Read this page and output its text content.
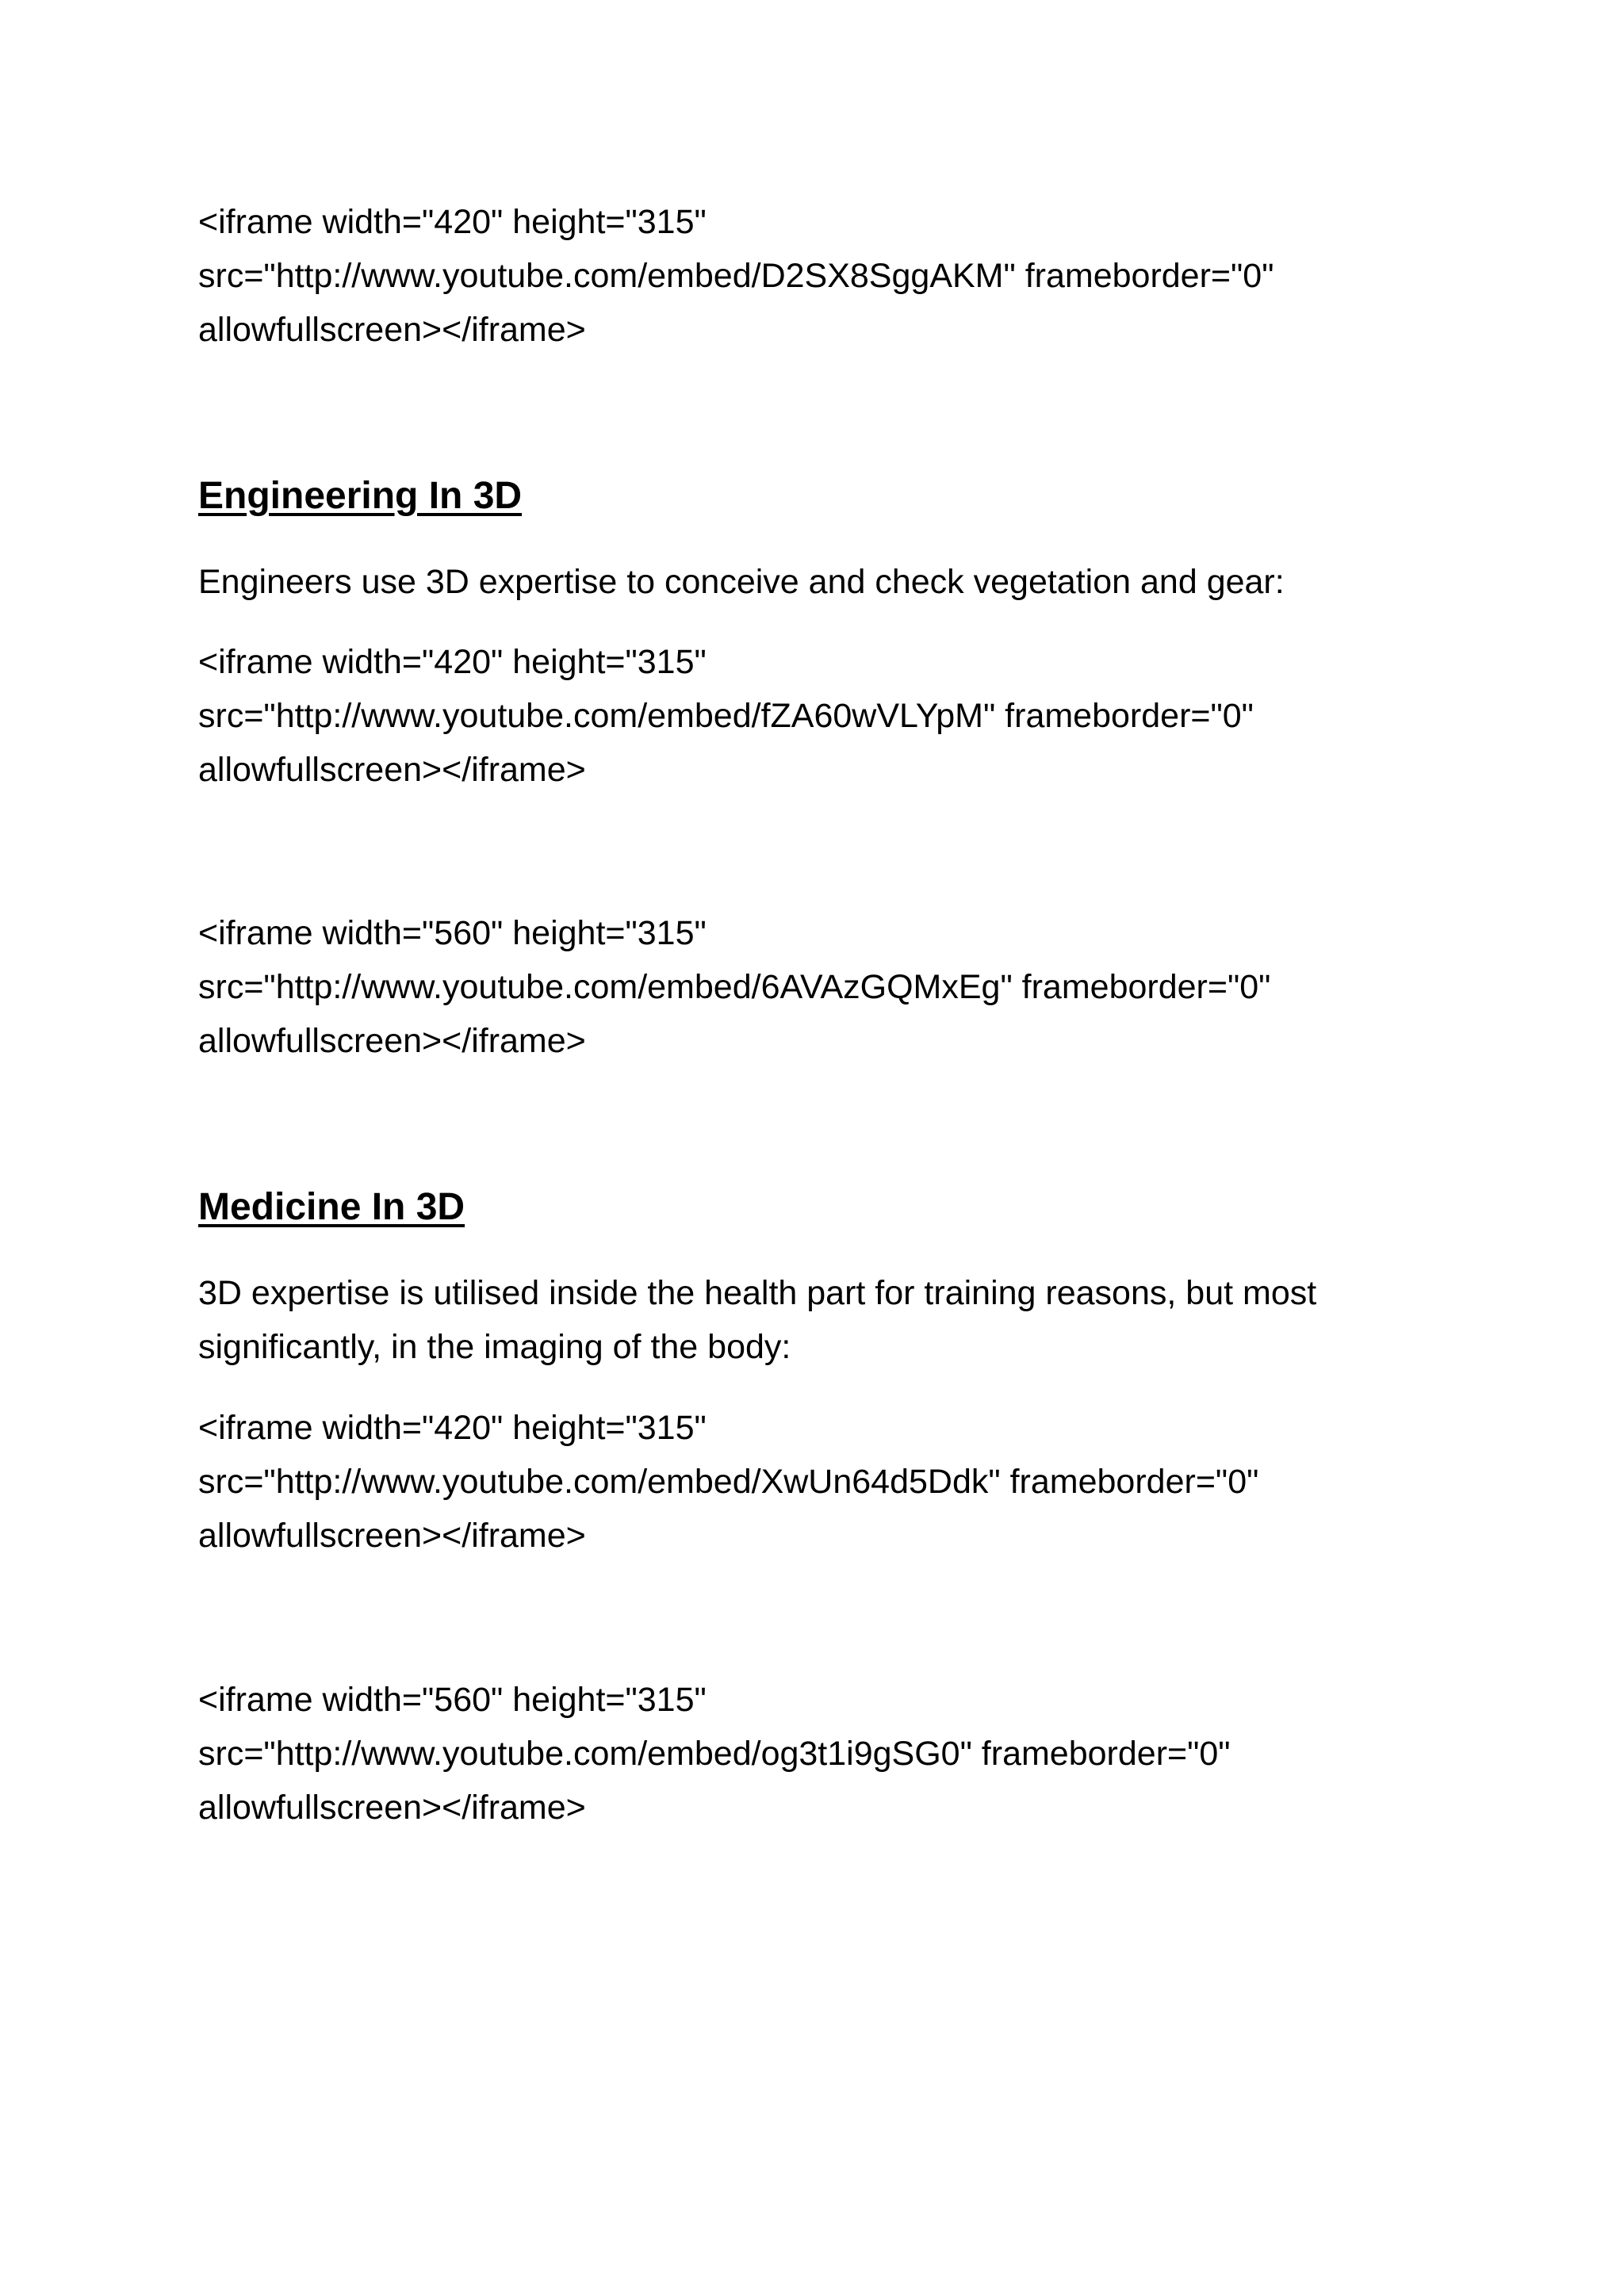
<iframe width="420" height="315"

src="http://www.youtube.com/embed/D2SX8SggAKM" frameborder="0"

allowfullscreen></iframe>

Engineering In 3D

Engineers use 3D expertise to conceive and check vegetation and gear:

<iframe width="420" height="315"

src="http://www.youtube.com/embed/fZA60wVLYpM" frameborder="0"

allowfullscreen></iframe>

<iframe width="560" height="315"

src="http://www.youtube.com/embed/6AVAzGQMxEg" frameborder="0"

allowfullscreen></iframe>

Medicine In 3D

3D expertise is utilised inside the health part for training reasons, but most

significantly, in the imaging of the body:

<iframe width="420" height="315"

src="http://www.youtube.com/embed/XwUn64d5Ddk" frameborder="0"

allowfullscreen></iframe>

<iframe width="560" height="315"

src="http://www.youtube.com/embed/og3t1i9gSG0" frameborder="0"

allowfullscreen></iframe>
